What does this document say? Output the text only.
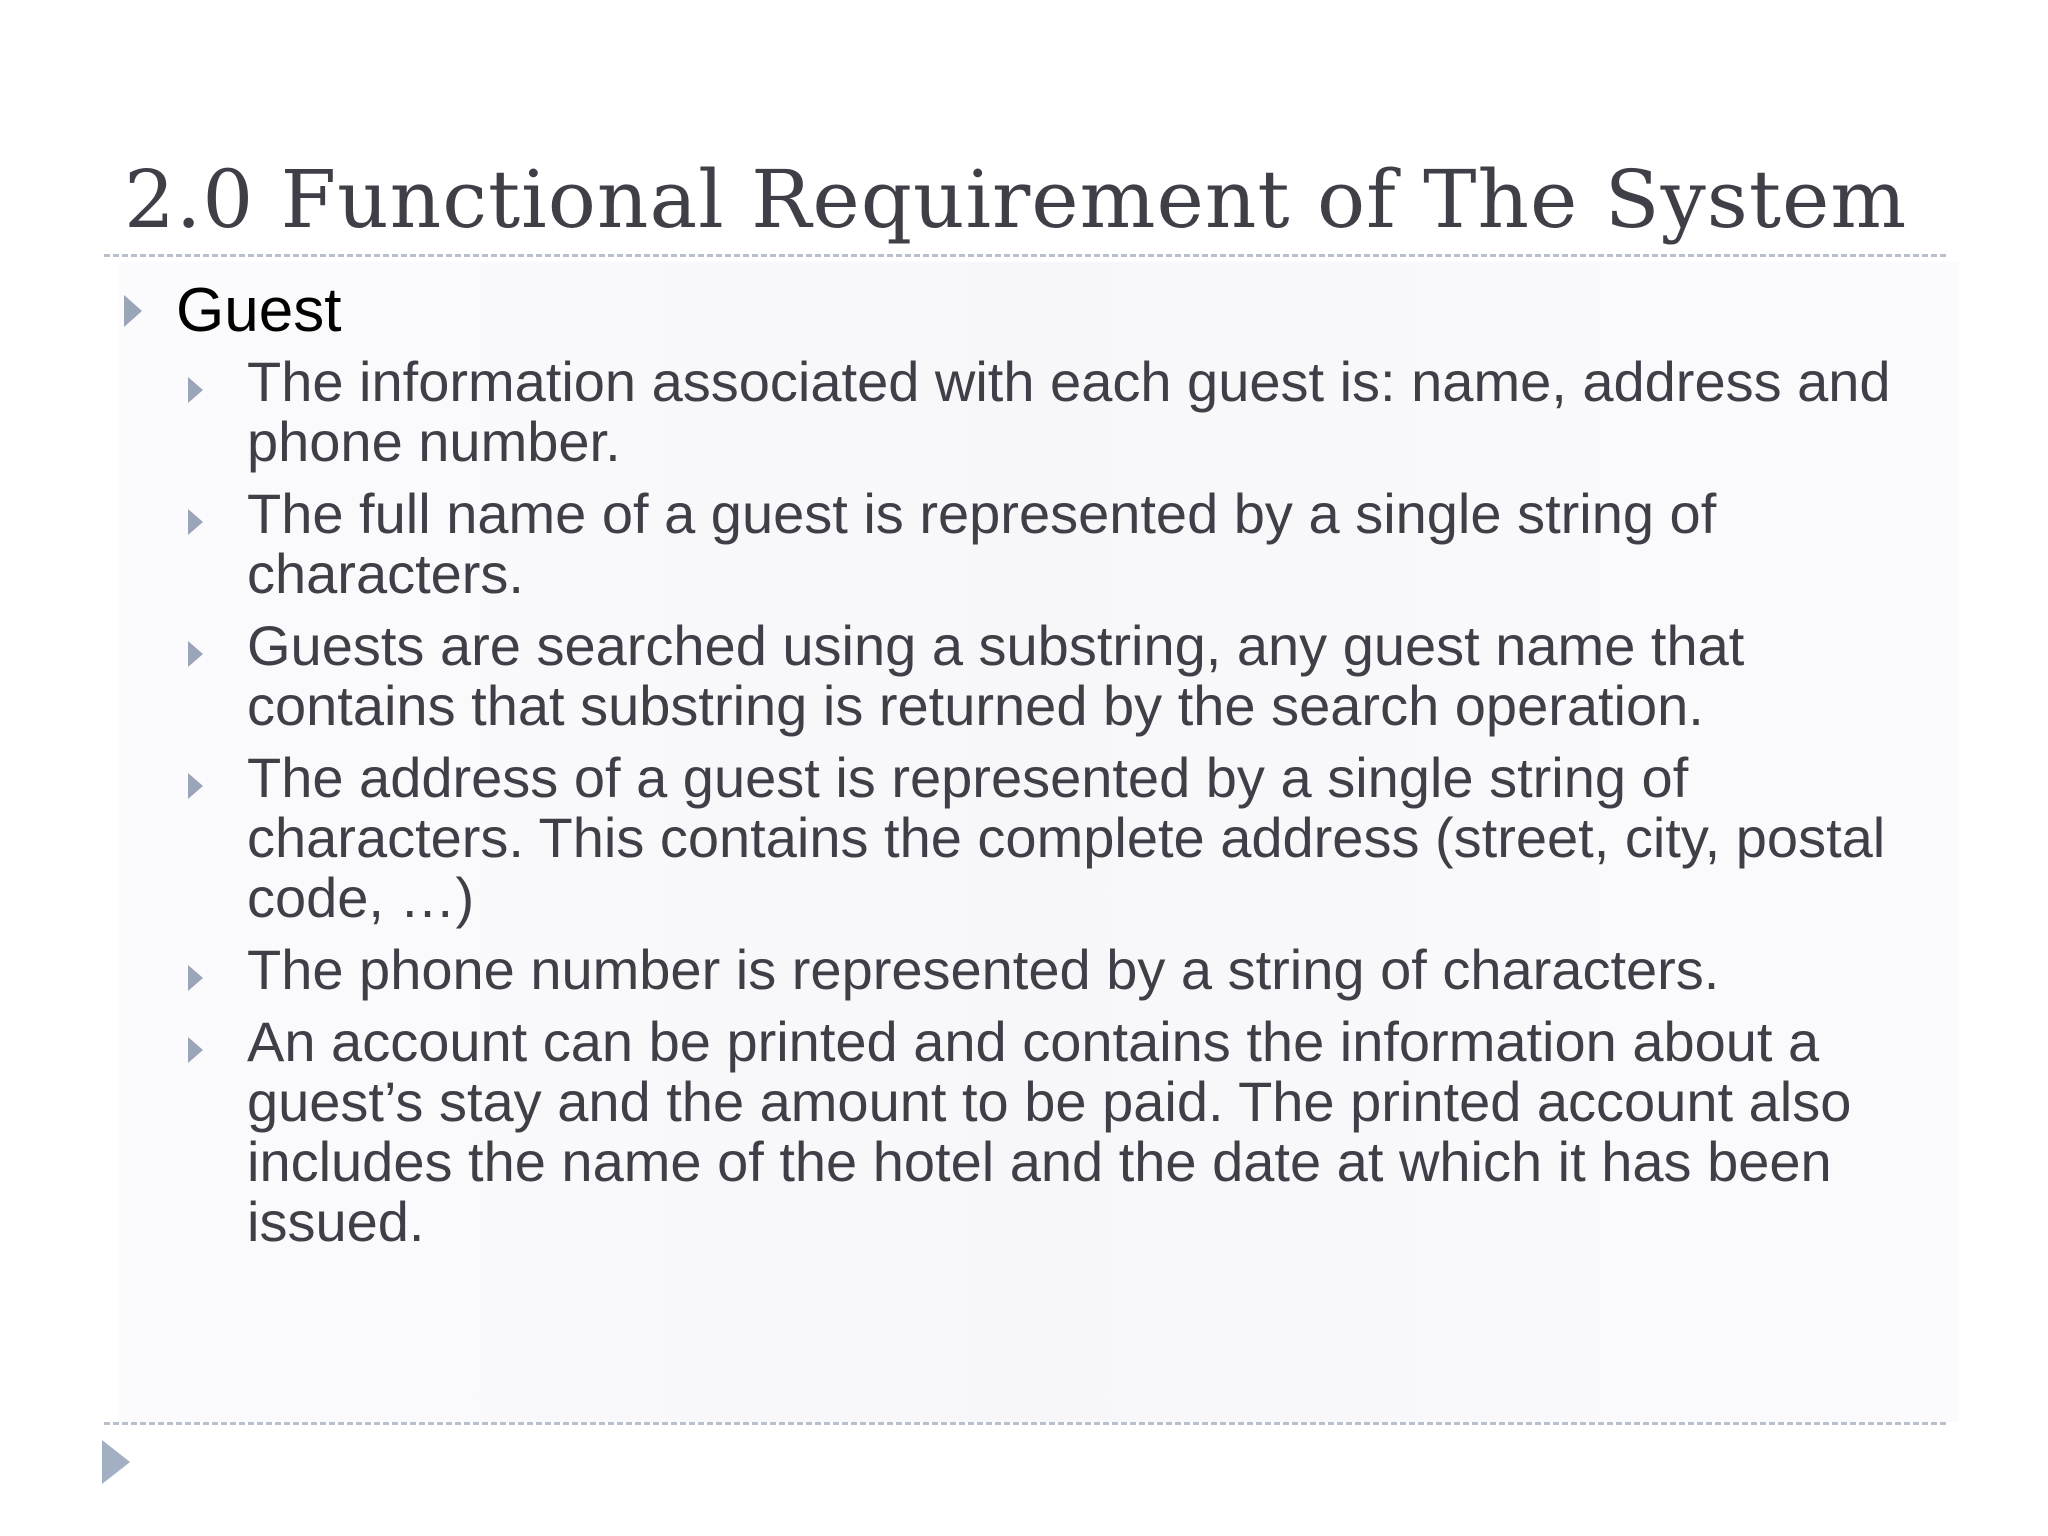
2.0 Functional Requirement of The System
Guest
The information associated with each guest is: name, address and phone number.
The full name of a guest is represented by a single string of characters.
Guests are searched using a substring, any guest name that contains that substring is returned by the search operation.
The address of a guest is represented by a single string of characters. This contains the complete address (street, city, postal code, …)
The phone number is represented by a string of characters.
An account can be printed and contains the information about a guest’s stay and the amount to be paid. The printed account also includes the name of the hotel and the date at which it has been issued.
